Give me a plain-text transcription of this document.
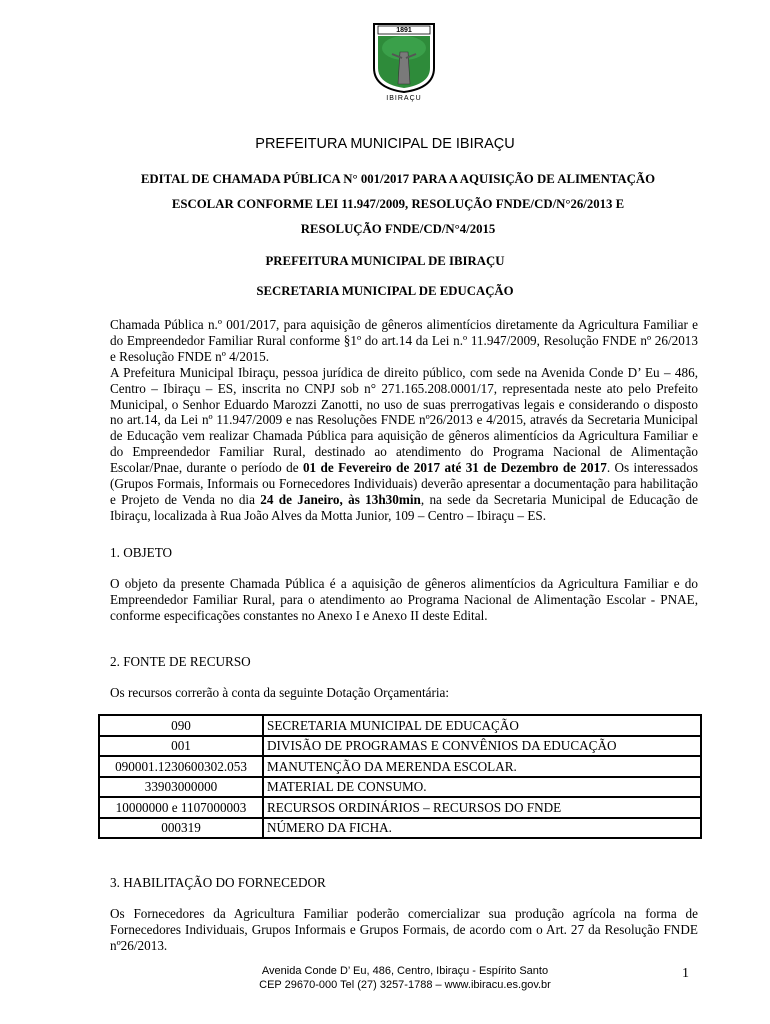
1891
IBIRAÇU
PREFEITURA MUNICIPAL DE IBIRAÇU
EDITAL DE CHAMADA PÚBLICA N° 001/2017 PARA A AQUISIÇÃO DE ALIMENTAÇÃO
ESCOLAR CONFORME LEI 11.947/2009, RESOLUÇÃO FNDE/CD/N°26/2013 E
RESOLUÇÃO FNDE/CD/N°4/2015
PREFEITURA MUNICIPAL DE IBIRAÇU
SECRETARIA MUNICIPAL DE EDUCAÇÃO

Chamada Pública n.º 001/2017, para aquisição de gêneros alimentícios diretamente da Agricultura Familiar e do Empreendedor Familiar Rural conforme §1º do art.14 da Lei n.º 11.947/2009, Resolução FNDE nº 26/2013 e Resolução FNDE nº 4/2015.

A Prefeitura Municipal Ibiraçu, pessoa jurídica de direito público, com sede na Avenida Conde D’ Eu – 486, Centro – Ibiraçu – ES, inscrita no CNPJ sob n° 271.165.208.0001/17, representada neste ato pelo Prefeito Municipal, o Senhor Eduardo Marozzi Zanotti, no uso de suas prerrogativas legais e considerando o disposto no art.14, da Lei nº 11.947/2009 e nas Resoluções FNDE nº26/2013 e 4/2015, através da Secretaria Municipal de Educação vem realizar Chamada Pública para aquisição de gêneros alimentícios da Agricultura Familiar e do Empreendedor Familiar Rural, destinado ao atendimento do Programa Nacional de Alimentação Escolar/Pnae, durante o período de 01 de Fevereiro de 2017 até 31 de Dezembro de 2017. Os interessados (Grupos Formais, Informais ou Fornecedores Individuais) deverão apresentar a documentação para habilitação e Projeto de Venda no dia 24 de Janeiro, às 13h30min, na sede da Secretaria Municipal de Educação de Ibiraçu, localizada à Rua João Alves da Motta Junior, 109 – Centro – Ibiraçu – ES.

1. OBJETO
O objeto da presente Chamada Pública é a aquisição de gêneros alimentícios da Agricultura Familiar e do Empreendedor Familiar Rural, para o atendimento ao Programa Nacional de Alimentação Escolar - PNAE, conforme especificações constantes no Anexo I e Anexo II deste Edital.
2. FONTE DE RECURSO
Os recursos correrão à conta da seguinte Dotação Orçamentária:
090	SECRETARIA MUNICIPAL DE EDUCAÇÃO
001	DIVISÃO DE PROGRAMAS E CONVÊNIOS DA EDUCAÇÃO
090001.1230600302.053	MANUTENÇÃO DA MERENDA ESCOLAR.
33903000000	MATERIAL DE CONSUMO.
10000000 e 1107000003	RECURSOS ORDINÁRIOS – RECURSOS DO FNDE
000319	NÚMERO DA FICHA.
3. HABILITAÇÃO DO FORNECEDOR
Os Fornecedores da Agricultura Familiar poderão comercializar sua produção agrícola na forma de Fornecedores Individuais, Grupos Informais e Grupos Formais, de acordo com o Art. 27 da Resolução FNDE nº26/2013.
Avenida Conde D’ Eu, 486, Centro, Ibiraçu - Espírito Santo
CEP 29670-000 Tel (27) 3257-1788 – www.ibiracu.es.gov.br
1
